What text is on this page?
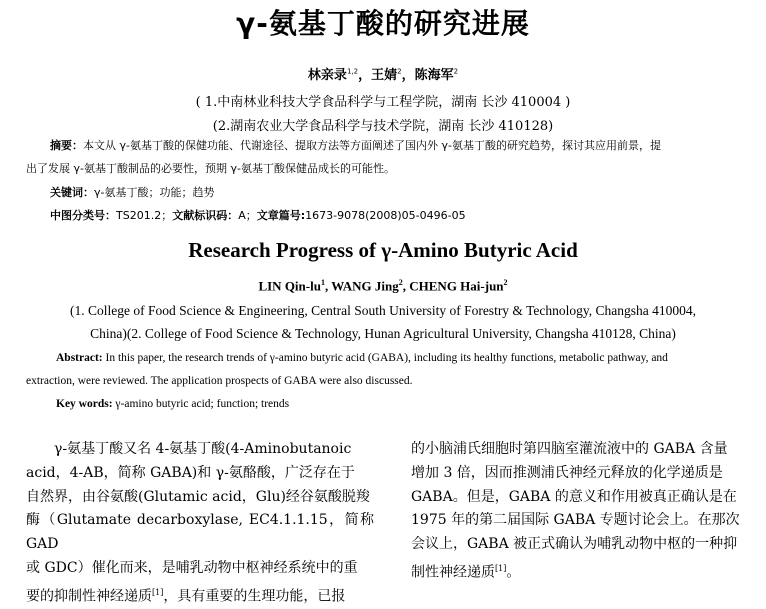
γ-氨基丁酸的研究进展
林亲录$^{1,2}$，王婧$^2$，陈海军$^2$
( 1.中南林业科技大学食品科学与工程学院，湖南 长沙 410004 )
(2.湖南农业大学食品科学与技术学院，湖南 长沙 410128)
摘要：本文从 γ-氨基丁酸的保健功能、代谢途径、提取方法等方面阐述了国内外 γ-氨基丁酸的研究趋势，探讨其应用前景，提
出了发展 γ-氨基丁酸制品的必要性，预期 γ-氨基丁酸保健品成长的可能性。
关键词：γ-氨基丁酸；功能；趋势
中图分类号：TS201.2；文献标识码：A；文章篇号:1673-9078(2008)05-0496-05
Research Progress of γ-Amino Butyric Acid
LIN Qin-$lu^1$, WANG Jing$^2$, CHENG Hai-jun$^2$
(1. College of Food Science & Engineering, Central South University of Forestry & Technology, Changsha 410004,
China)(2. College of Food Science & Technology, Hunan Agricultural University, Changsha 410128, China)
Abstract: In this paper, the research trends of γ-amino butyric acid (GABA), including its healthy functions, metabolic pathway, and
extraction, were reviewed. The application prospects of GABA were also discussed.
Key words: γ-amino butyric acid; function; trends
γ-氨基丁酸又名 4-氨基丁酸(4-Aminobutanoic
acid，4-AB，简称 GABA)和 γ-氨酪酸，广泛存在于
自然界，由谷氨酸(Glutamic acid，Glu)经谷氨酸脱羧
酶（Glutamate decarboxylase, EC4.1.1.15，简称 GAD
或 GDC）催化而来，是哺乳动物中枢神经系统中的重
要的抑制性神经递质[1]，具有重要的生理功能，已报
的小脑浦氏细胞时第四脑室灌流液中的 GABA 含量
增加 3 倍，因而推测浦氏神经元释放的化学递质是
GABA。但是，GABA 的意义和作用被真正确认是在
1975 年的第二届国际 GABA 专题讨论会上。在那次
会议上，GABA 被正式确认为哺乳动物中枢的一种抑
制性神经递质[1]。
